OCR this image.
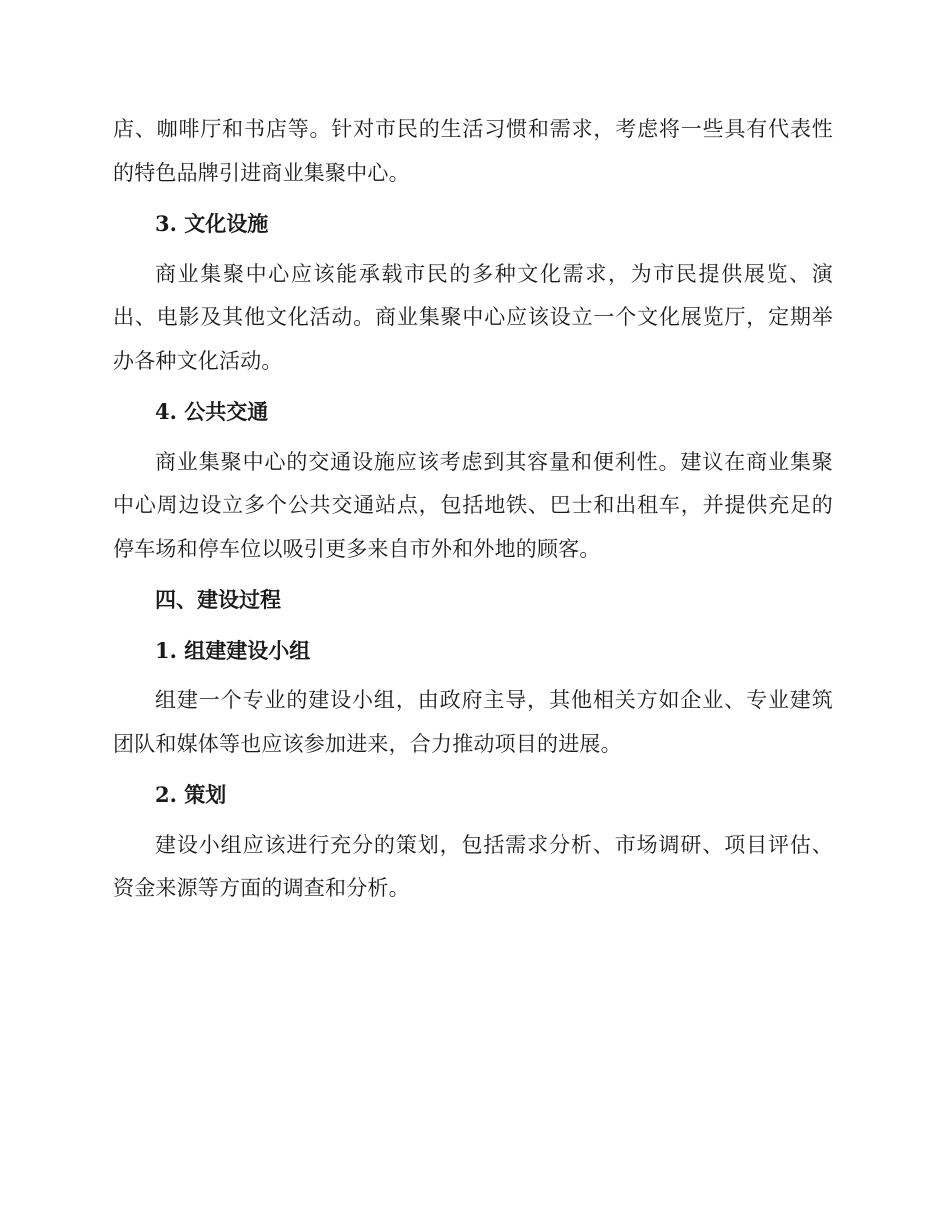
店、咖啡厅和书店等。针对市民的生活习惯和需求，考虑将一些具有代表性的特色品牌引进商业集聚中心。

3. 文化设施

商业集聚中心应该能承载市民的多种文化需求，为市民提供展览、演出、电影及其他文化活动。商业集聚中心应该设立一个文化展览厅，定期举办各种文化活动。

4. 公共交通

商业集聚中心的交通设施应该考虑到其容量和便利性。建议在商业集聚中心周边设立多个公共交通站点，包括地铁、巴士和出租车，并提供充足的停车场和停车位以吸引更多来自市外和外地的顾客。

四、建设过程

1. 组建建设小组

组建一个专业的建设小组，由政府主导，其他相关方如企业、专业建筑团队和媒体等也应该参加进来，合力推动项目的进展。

2. 策划

建设小组应该进行充分的策划，包括需求分析、市场调研、项目评估、资金来源等方面的调查和分析。
